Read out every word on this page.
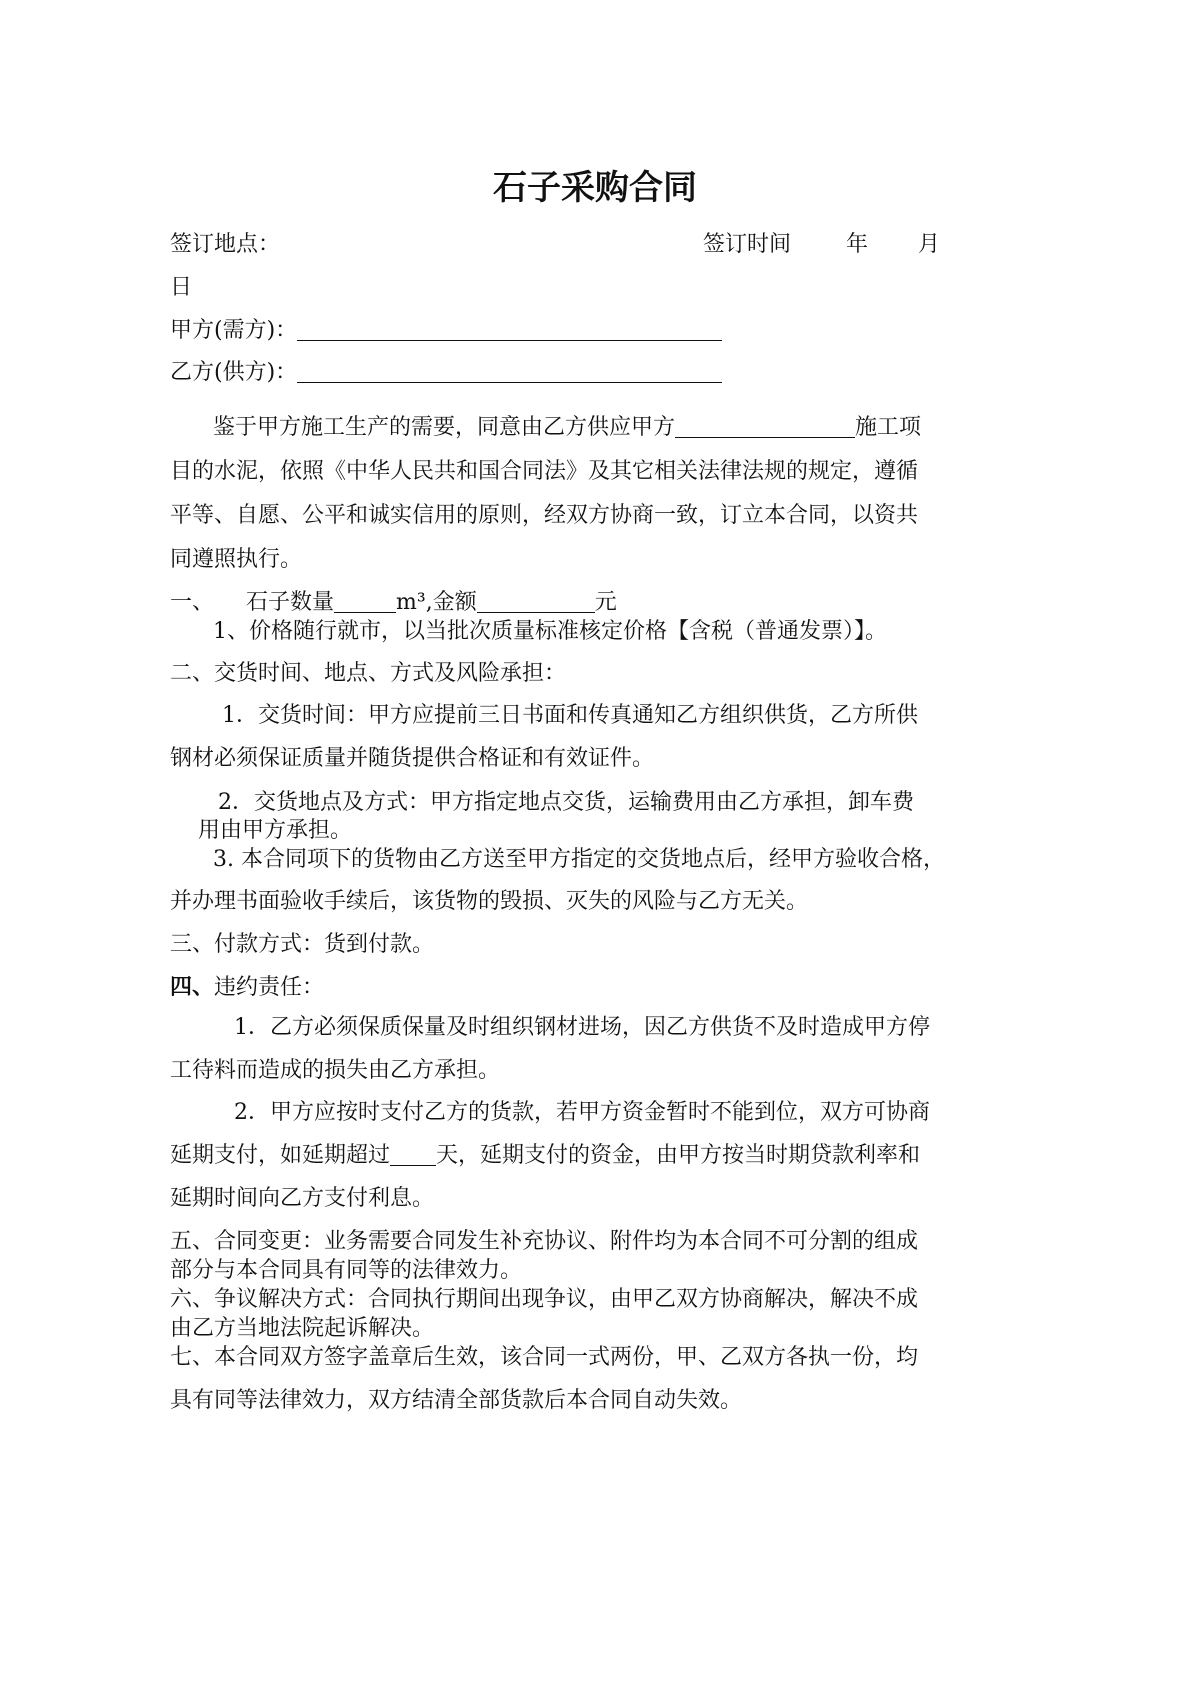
石子采购合同
签订地点：	签订时间 年 月
日
甲方(需方)：
乙方(供方)：
鉴于甲方施工生产的需要，同意由乙方供应甲方	施工项
目的水泥，依照《中华人民共和国合同法》及其它相关法律法规的规定，遵循
平等、自愿、公平和诚实信用的原则，经双方协商一致，订立本合同，以资共
同遵照执行。
一、 石子数量	m³,金额	元
1、价格随行就市，以当批次质量标准核定价格【含税（普通发票）】。
二、交货时间、地点、方式及风险承担：
1．交货时间：甲方应提前三日书面和传真通知乙方组织供货，乙方所供
钢材必须保证质量并随货提供合格证和有效证件。
2．交货地点及方式：甲方指定地点交货，运输费用由乙方承担，卸车费
用由甲方承担。
3. 本合同项下的货物由乙方送至甲方指定的交货地点后，经甲方验收合格，
并办理书面验收手续后，该货物的毁损、灭失的风险与乙方无关。
三、付款方式：货到付款。
四、违约责任：
1．乙方必须保质保量及时组织钢材进场，因乙方供货不及时造成甲方停
工待料而造成的损失由乙方承担。
2．甲方应按时支付乙方的货款，若甲方资金暂时不能到位，双方可协商
延期支付，如延期超过 天，延期支付的资金，由甲方按当时期贷款利率和
延期时间向乙方支付利息。
五、合同变更：业务需要合同发生补充协议、附件均为本合同不可分割的组成
部分与本合同具有同等的法律效力。
六、争议解决方式：合同执行期间出现争议，由甲乙双方协商解决，解决不成
由乙方当地法院起诉解决。
七、本合同双方签字盖章后生效，该合同一式两份，甲、乙双方各执一份，均
具有同等法律效力，双方结清全部货款后本合同自动失效。
